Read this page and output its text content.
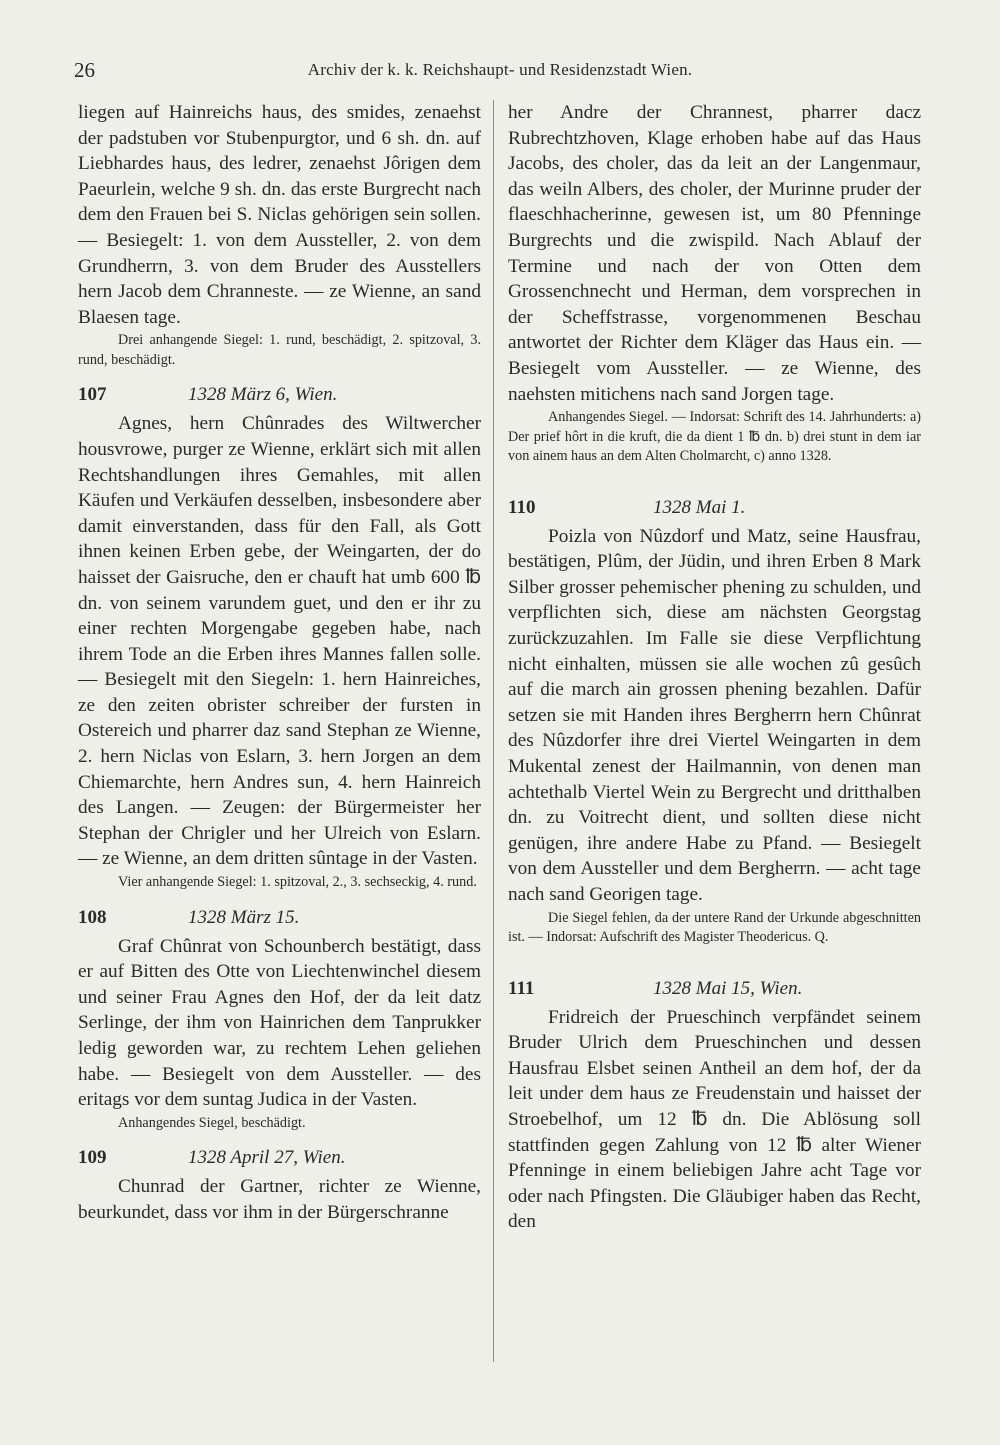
26	Archiv der k. k. Reichshaupt- und Residenzstadt Wien.

liegen auf Hainreichs haus, des smides, zenaehst der padstuben vor Stubenpurgtor, und 6 sh. dn. auf Liebhardes haus, des ledrer, zenaehst Jôrigen dem Paeurlein, welche 9 sh. dn. das erste Burgrecht nach dem den Frauen bei S. Niclas gehörigen sein sollen. — Besiegelt: 1. von dem Aussteller, 2. von dem Grundherrn, 3. von dem Bruder des Ausstellers hern Jacob dem Chranneste. — ze Wienne, an sand Blaesen tage.

Drei anhangende Siegel: 1. rund, beschädigt, 2. spitzoval, 3. rund, beschädigt.

107	1328 März 6, Wien.

Agnes, hern Chûnrades des Wiltwercher housvrowe, purger ze Wienne, erklärt sich mit allen Rechtshandlungen ihres Gemahles, mit allen Käufen und Verkäufen desselben, insbesondere aber damit einverstanden, dass für den Fall, als Gott ihnen keinen Erben gebe, der Weingarten, der do haisset der Gaisruche, den er chauft hat umb 600 ℔ dn. von seinem varundem guet, und den er ihr zu einer rechten Morgengabe gegeben habe, nach ihrem Tode an die Erben ihres Mannes fallen solle. — Besiegelt mit den Siegeln: 1. hern Hainreiches, ze den zeiten obrister schreiber der fursten in Ostereich und pharrer daz sand Stephan ze Wienne, 2. hern Niclas von Eslarn, 3. hern Jorgen an dem Chiemarchte, hern Andres sun, 4. hern Hainreich des Langen. — Zeugen: der Bürgermeister her Stephan der Chrigler und her Ulreich von Eslarn. — ze Wienne, an dem dritten sûntage in der Vasten.

Vier anhangende Siegel: 1. spitzoval, 2., 3. sechseckig, 4. rund.

108	1328 März 15.

Graf Chûnrat von Schounberch bestätigt, dass er auf Bitten des Otte von Liechtenwinchel diesem und seiner Frau Agnes den Hof, der da leit datz Serlinge, der ihm von Hainrichen dem Tanprukker ledig geworden war, zu rechtem Lehen geliehen habe. — Besiegelt von dem Aussteller. — des eritags vor dem suntag Judica in der Vasten.

Anhangendes Siegel, beschädigt.

109	1328 April 27, Wien.

Chunrad der Gartner, richter ze Wienne, beurkundet, dass vor ihm in der Bürgerschranne

her Andre der Chrannest, pharrer dacz Rubrechtzhoven, Klage erhoben habe auf das Haus Jacobs, des choler, das da leit an der Langenmaur, das weiln Albers, des choler, der Murinne pruder der flaeschhacherinne, gewesen ist, um 80 Pfenninge Burgrechts und die zwispild. Nach Ablauf der Termine und nach der von Otten dem Grossenchnecht und Herman, dem vorsprechen in der Scheffstrasse, vorgenommenen Beschau antwortet der Richter dem Kläger das Haus ein. — Besiegelt vom Aussteller. — ze Wienne, des naehsten mitichens nach sand Jorgen tage.

Anhangendes Siegel. — Indorsat: Schrift des 14. Jahrhunderts: a) Der prief hôrt in die kruft, die da dient 1 ℔ dn. b) drei stunt in dem iar von ainem haus an dem Alten Cholmarcht, c) anno 1328.

110	1328 Mai 1.

Poizla von Nûzdorf und Matz, seine Hausfrau, bestätigen, Plûm, der Jüdin, und ihren Erben 8 Mark Silber grosser pehemischer phening zu schulden, und verpflichten sich, diese am nächsten Georgstag zurückzuzahlen. Im Falle sie diese Verpflichtung nicht einhalten, müssen sie alle wochen zû gesûch auf die march ain grossen phening bezahlen. Dafür setzen sie mit Handen ihres Bergherrn hern Chûnrat des Nûzdorfer ihre drei Viertel Weingarten in dem Mukental zenest der Hailmannin, von denen man achtethalb Viertel Wein zu Bergrecht und dritthalben dn. zu Voitrecht dient, und sollten diese nicht genügen, ihre andere Habe zu Pfand. — Besiegelt von dem Aussteller und dem Bergherrn. — acht tage nach sand Georigen tage.

Die Siegel fehlen, da der untere Rand der Urkunde abgeschnitten ist. — Indorsat: Aufschrift des Magister Theodericus. Q.

111	1328 Mai 15, Wien.

Fridreich der Prueschinch verpfändet seinem Bruder Ulrich dem Prueschinchen und dessen Hausfrau Elsbet seinen Antheil an dem hof, der da leit under dem haus ze Freudenstain und haisset der Stroebelhof, um 12 ℔ dn. Die Ablösung soll stattfinden gegen Zahlung von 12 ℔ alter Wiener Pfenninge in einem beliebigen Jahre acht Tage vor oder nach Pfingsten. Die Gläubiger haben das Recht, den
